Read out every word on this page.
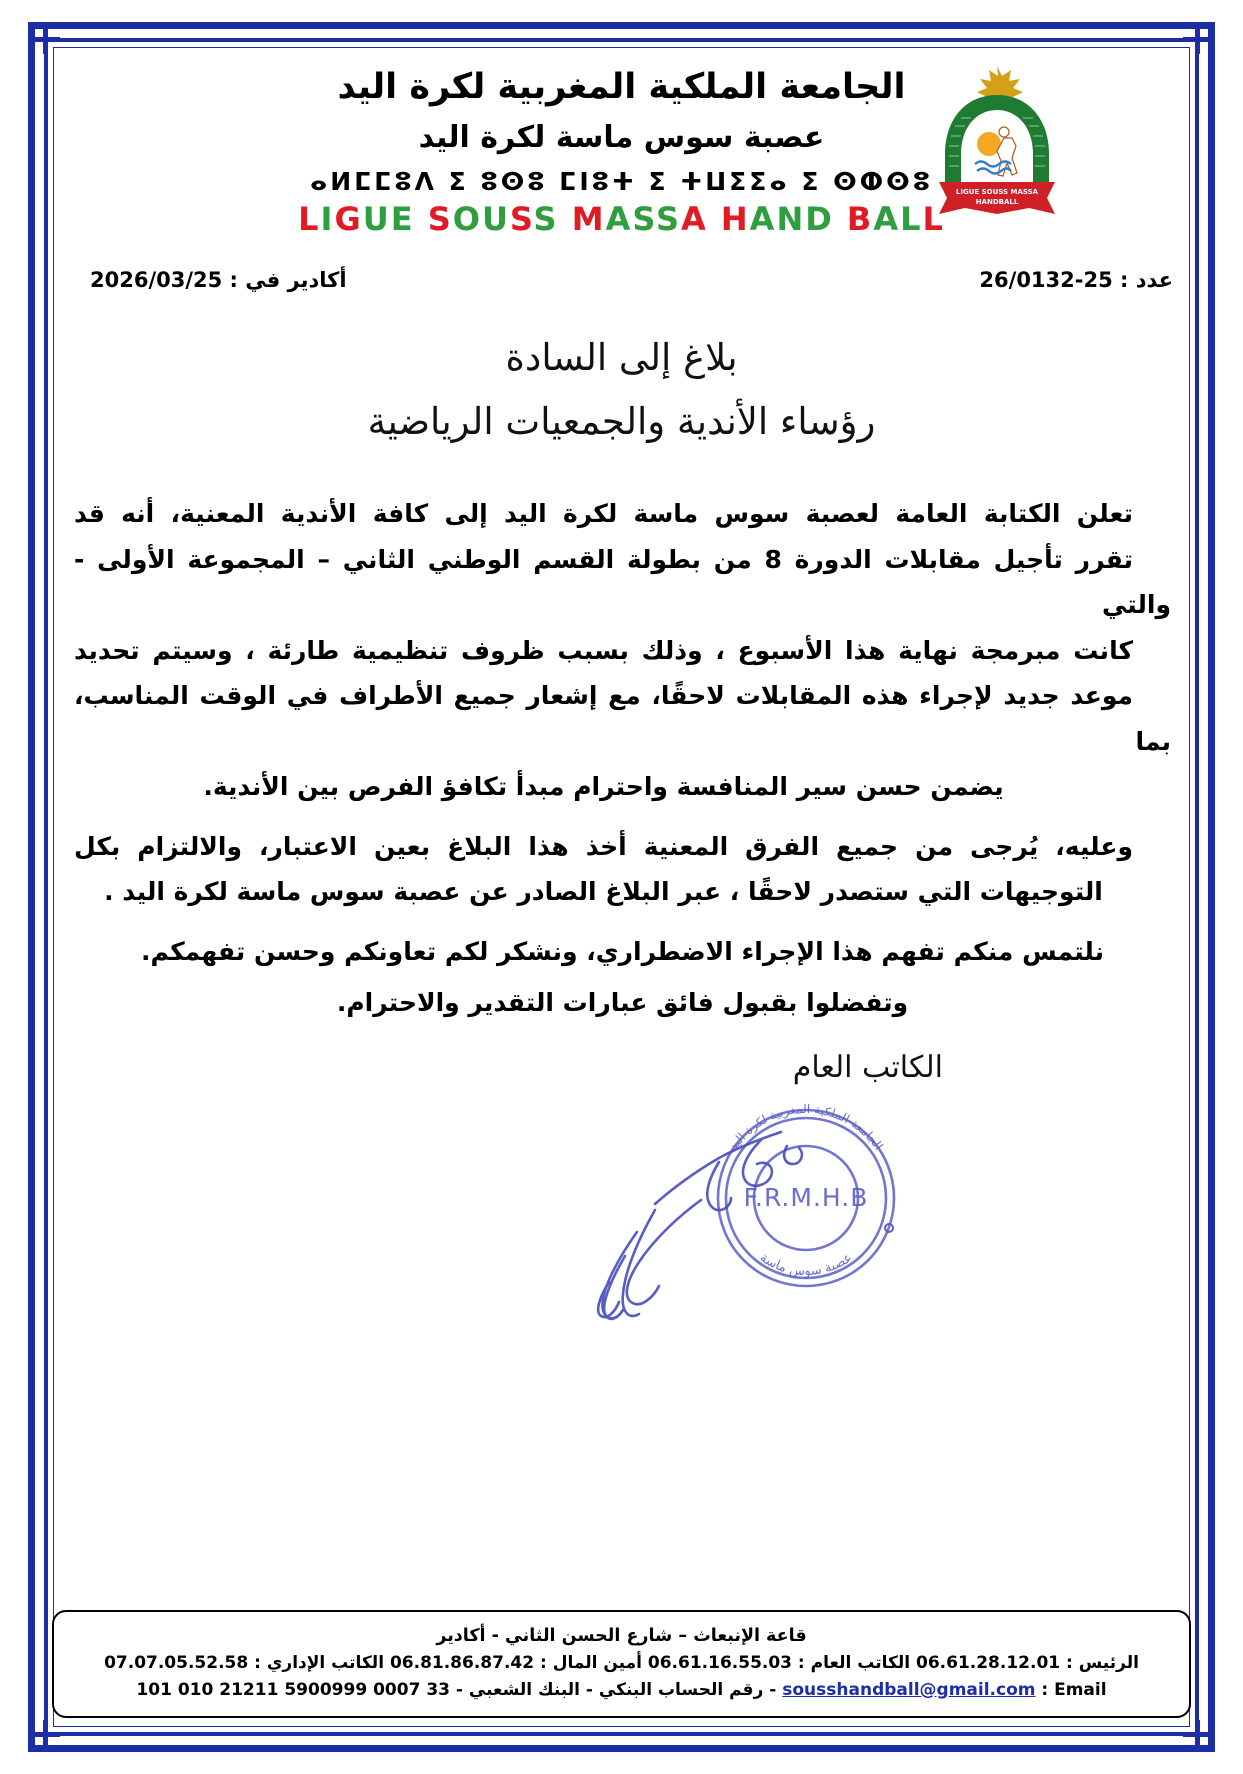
FRMHB
LIGUE SOUSS MASSA
HANDBALL
الجامعة الملكية المغربية لكرة اليد
عصبة سوس ماسة لكرة اليد
ⴰⵍⵎⵎⵓⴷ ⵉ ⵓⵙⵓ ⵎⵏⵓⵜ ⵉ ⵜⵡⵉⵉⴰ ⵉ ⵙⵀⵙⵓ
LIGUE SOUSS MASSA HAND BALL
عدد : 25-26/0132
أكادير في : 2026/03/25
بلاغ إلى السادة
رؤساء الأندية والجمعيات الرياضية
تعلن الكتابة العامة لعصبة سوس ماسة لكرة اليد إلى كافة الأندية المعنية، أنه قد
تقرر تأجيل مقابلات الدورة 8 من بطولة القسم الوطني الثاني – المجموعة الأولى - والتي
كانت مبرمجة نهاية هذا الأسبوع ، وذلك بسبب ظروف تنظيمية طارئة ، وسيتم تحديد
موعد جديد لإجراء هذه المقابلات لاحقًا، مع إشعار جميع الأطراف في الوقت المناسب، بما
يضمن حسن سير المنافسة واحترام مبدأ تكافؤ الفرص بين الأندية.
وعليه، يُرجى من جميع الفرق المعنية أخذ هذا البلاغ بعين الاعتبار، والالتزام بكل
التوجيهات التي ستصدر لاحقًا ، عبر البلاغ الصادر عن عصبة سوس ماسة لكرة اليد .
نلتمس منكم تفهم هذا الإجراء الاضطراري، ونشكر لكم تعاونكم وحسن تفهمكم.
وتفضلوا بقبول فائق عبارات التقدير والاحترام.
الكاتب العام
الجامعة الملكية المغربية لكرة اليد
عصبة سوس ماسة
F.R.M.H.B
قاعة الإنبعاث – شارع الحسن الثاني - أكادير
الرئيس : 06.61.28.12.01 الكاتب العام : 06.61.16.55.03 أمين المال : 06.81.86.87.42 الكاتب الإداري : 07.07.05.52.58
Email : sousshandball@gmail.com - رقم الحساب البنكي - البنك الشعبي - 33 0007 5900999 21211 010 101
